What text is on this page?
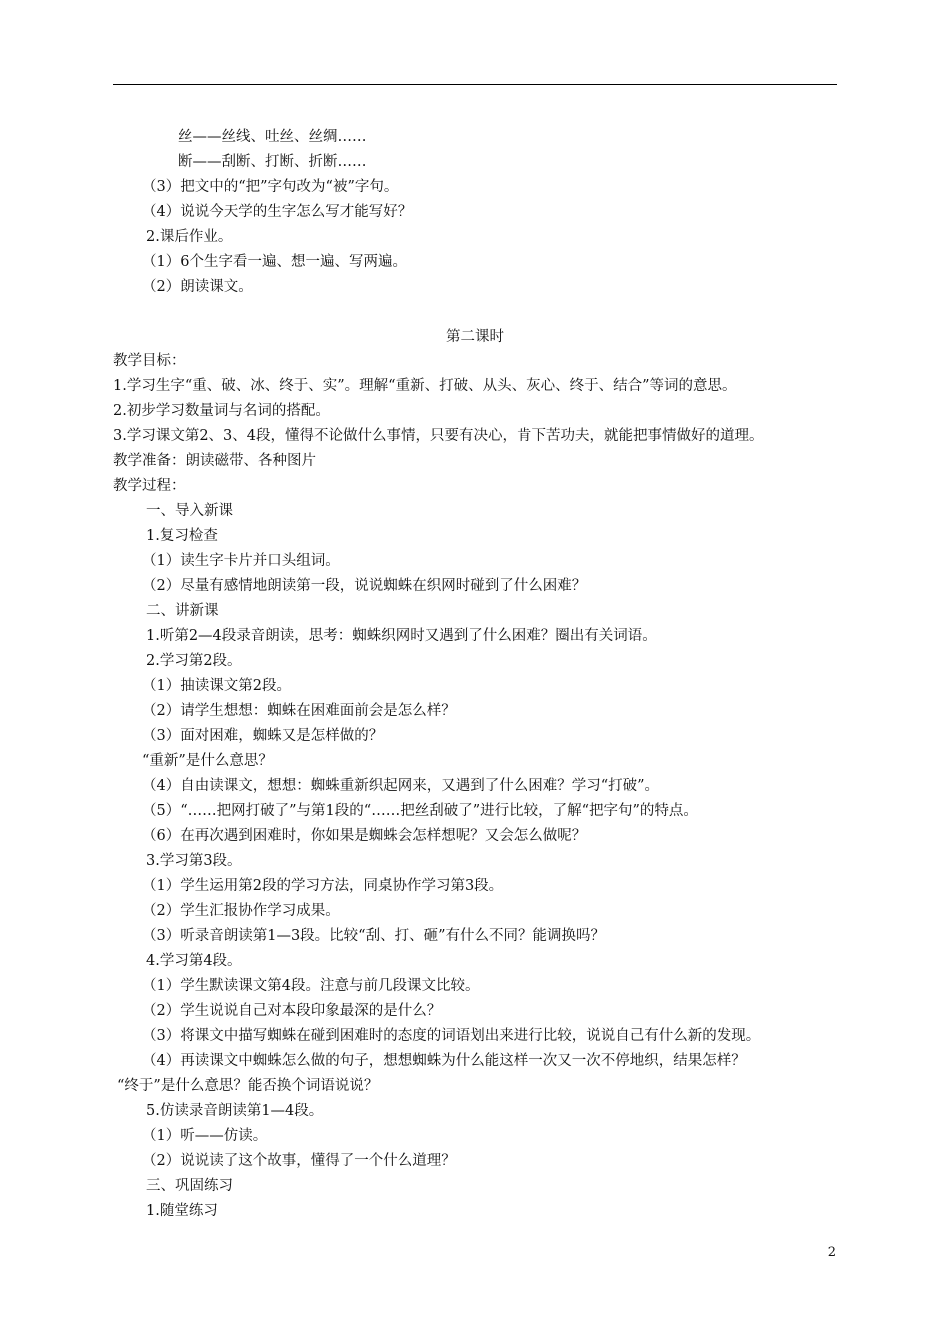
丝——丝线、吐丝、丝绸……
断——刮断、打断、折断……
（3）把文中的“把”字句改为“被”字句。
（4）说说今天学的生字怎么写才能写好？
2.课后作业。
（1）6个生字看一遍、想一遍、写两遍。
（2）朗读课文。
第二课时
教学目标：
1.学习生字“重、破、冰、终于、实”。理解“重新、打破、从头、灰心、终于、结合”等词的意思。
2.初步学习数量词与名词的搭配。
3.学习课文第2、3、4段，懂得不论做什么事情，只要有决心，肯下苦功夫，就能把事情做好的道理。
教学准备：朗读磁带、各种图片
教学过程：
一、导入新课
1.复习检查
（1）读生字卡片并口头组词。
（2）尽量有感情地朗读第一段，说说蜘蛛在织网时碰到了什么困难？
二、讲新课
1.听第2—4段录音朗读，思考：蜘蛛织网时又遇到了什么困难？圈出有关词语。
2.学习第2段。
（1）抽读课文第2段。
（2）请学生想想：蜘蛛在困难面前会是怎么样？
（3）面对困难，蜘蛛又是怎样做的？
“重新”是什么意思？
（4）自由读课文，想想：蜘蛛重新织起网来，又遇到了什么困难？学习“打破”。
（5）“……把网打破了”与第1段的“……把丝刮破了”进行比较，了解“把字句”的特点。
（6）在再次遇到困难时，你如果是蜘蛛会怎样想呢？又会怎么做呢？
3.学习第3段。
（1）学生运用第2段的学习方法，同桌协作学习第3段。
（2）学生汇报协作学习成果。
（3）听录音朗读第1—3段。比较“刮、打、砸”有什么不同？能调换吗？
4.学习第4段。
（1）学生默读课文第4段。注意与前几段课文比较。
（2）学生说说自己对本段印象最深的是什么？
（3）将课文中描写蜘蛛在碰到困难时的态度的词语划出来进行比较，说说自己有什么新的发现。
（4）再读课文中蜘蛛怎么做的句子，想想蜘蛛为什么能这样一次又一次不停地织，结果怎样？
“终于”是什么意思？能否换个词语说说？
5.仿读录音朗读第1—4段。
（1）听——仿读。
（2）说说读了这个故事，懂得了一个什么道理？
三、巩固练习
1.随堂练习
2
